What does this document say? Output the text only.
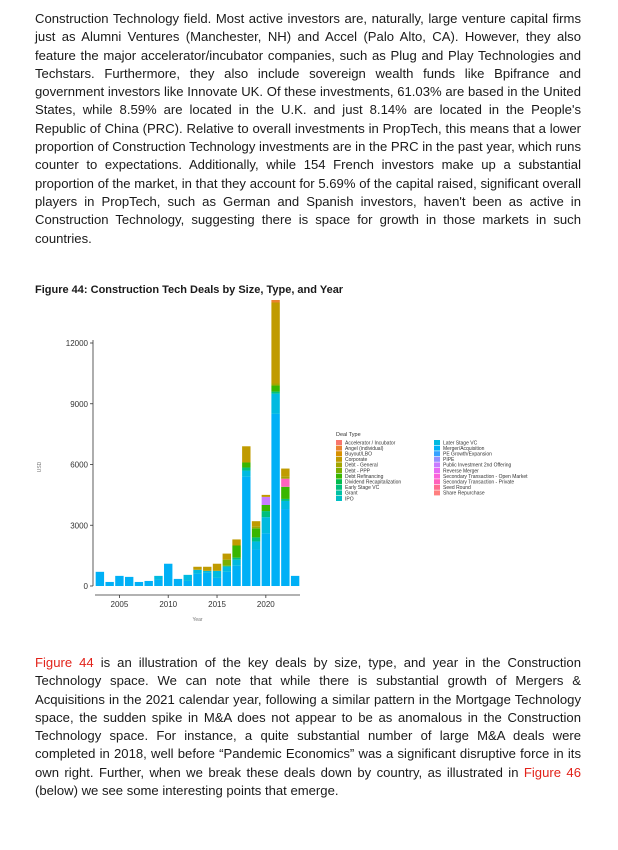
Construction Technology field. Most active investors are, naturally, large venture capital firms just as Alumni Ventures (Manchester, NH) and Accel (Palo Alto, CA). However, they also feature the major accelerator/incubator companies, such as Plug and Play Technologies and Techstars. Furthermore, they also include sovereign wealth funds like Bpifrance and government investors like Innovate UK. Of these investments, 61.03% are based in the United States, while 8.59% are located in the U.K. and just 8.14% are located in the People's Republic of China (PRC). Relative to overall investments in PropTech, this means that a lower proportion of Construction Technology investments are in the PRC in the past year, which runs counter to expectations. Additionally, while 154 French investors make up a substantial proportion of the market, in that they account for 5.69% of the capital raised, significant overall players in PropTech, such as German and Spanish investors, haven't been as active in Construction Technology, suggesting there is space for growth in those markets in such countries.

Figure 44: Construction Tech Deals by Size, Type, and Year

0
3000
6000
9000
12000
2005	2010	2015	2020
Year
USD
Deal Type
Accelerator / Incubator
Angel (individual)
Buyout/LBO
Corporate
Debt - General
Debt - PPP
Debt Refinancing
Dividend Recapitalization
Early Stage VC
Grant
IPO
Later Stage VC
Merger/Acquisition
PE Growth/Expansion
PIPE
Public Investment 2nd Offering
Reverse Merger
Secondary Transaction - Open Market
Secondary Transaction - Private
Seed Round
Share Repurchase

Figure 44 is an illustration of the key deals by size, type, and year in the Construction Technology space. We can note that while there is substantial growth of Mergers & Acquisitions in the 2021 calendar year, following a similar pattern in the Mortgage Technology space, the sudden spike in M&A does not appear to be as anomalous in the Construction Technology space. For instance, a quite substantial number of large M&A deals were completed in 2018, well before “Pandemic Economics” was a significant disruptive force in its own right. Further, when we break these deals down by country, as illustrated in Figure 46 (below) we see some interesting points that emerge.
